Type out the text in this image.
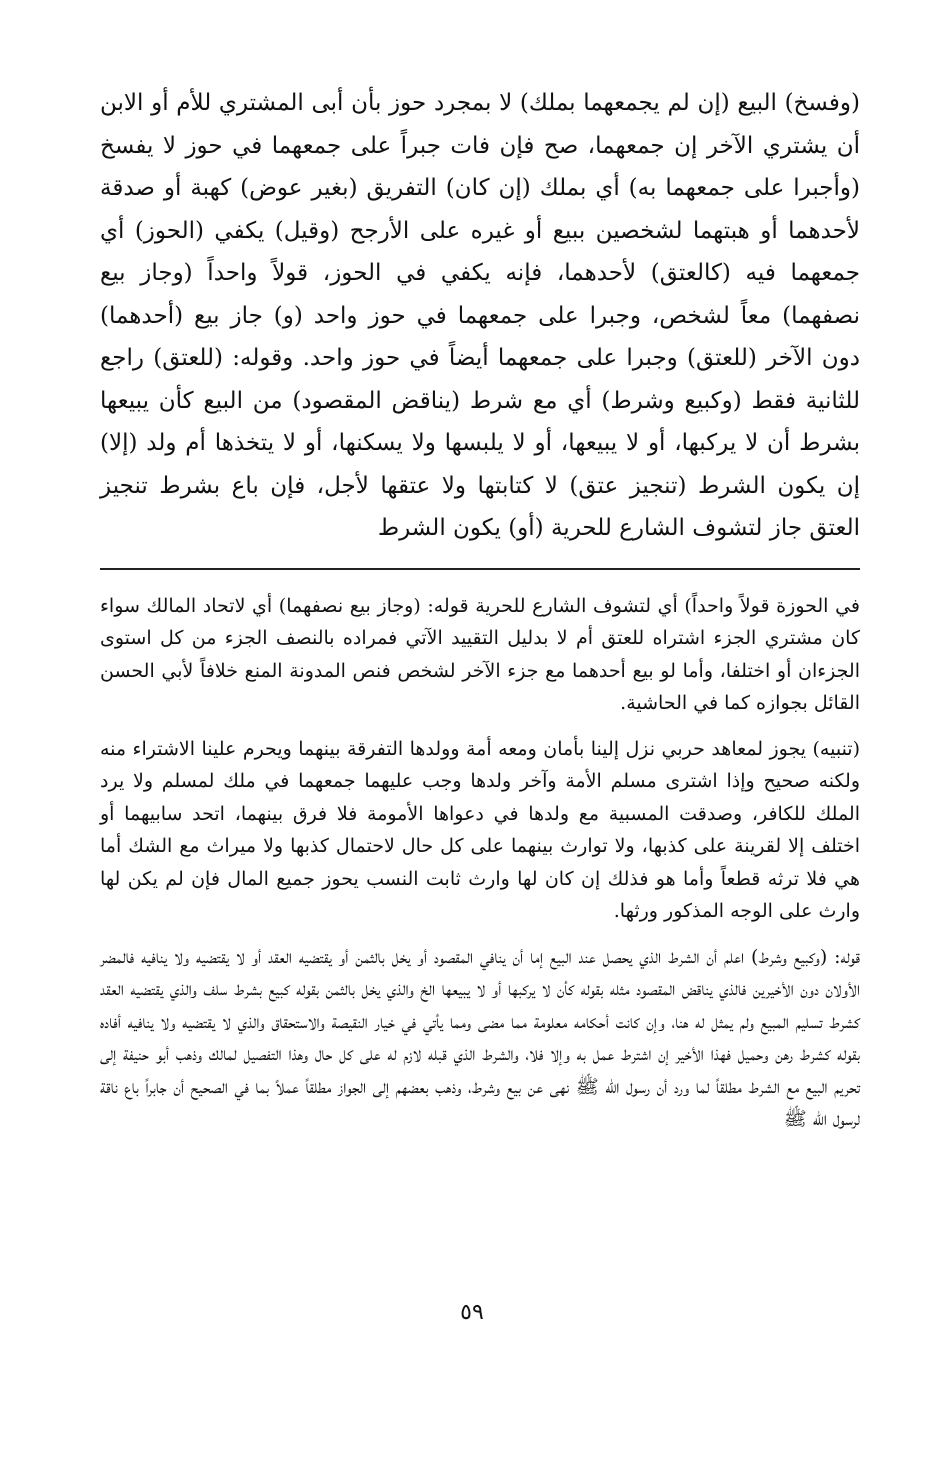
(وفسخ) البيع (إن لم يجمعهما بملك) لا بمجرد حوز بأن أبى المشتري للأم أو الابن أن يشتري الآخر إن جمعهما، صح فإن فات جبراً على جمعهما في حوز لا يفسخ (وأجبرا على جمعهما به) أي بملك (إن كان) التفريق (بغير عوض) كهبة أو صدقة لأحدهما أو هبتهما لشخصين ببيع أو غيره على الأرجح (وقيل) يكفي (الحوز) أي جمعهما فيه (كالعتق) لأحدهما، فإنه يكفي في الحوز، قولاً واحداً (وجاز بيع نصفهما) معاً لشخص، وجبرا على جمعهما في حوز واحد (و) جاز بيع (أحدهما) دون الآخر (للعتق) وجبرا على جمعهما أيضاً في حوز واحد. وقوله: (للعتق) راجع للثانية فقط (وكبيع وشرط) أي مع شرط (يناقض المقصود) من البيع كأن يبيعها بشرط أن لا يركبها، أو لا يبيعها، أو لا يلبسها ولا يسكنها، أو لا يتخذها أم ولد (إلا) إن يكون الشرط (تنجيز عتق) لا كتابتها ولا عتقها لأجل، فإن باع بشرط تنجيز العتق جاز لتشوف الشارع للحرية (أو) يكون الشرط

في الحوزة قولاً واحداً) أي لتشوف الشارع للحرية قوله: (وجاز بيع نصفهما) أي لاتحاد المالك سواء كان مشتري الجزء اشتراه للعتق أم لا بدليل التقييد الآتي فمراده بالنصف الجزء من كل استوى الجزءان أو اختلفا، وأما لو بيع أحدهما مع جزء الآخر لشخص فنص المدونة المنع خلافاً لأبي الحسن القائل بجوازه كما في الحاشية.

(تنبيه) يجوز لمعاهد حربي نزل إلينا بأمان ومعه أمة وولدها التفرقة بينهما ويحرم علينا الاشتراء منه ولكنه صحيح وإذا اشترى مسلم الأمة وآخر ولدها وجب عليهما جمعهما في ملك لمسلم ولا يرد الملك للكافر، وصدقت المسبية مع ولدها في دعواها الأمومة فلا فرق بينهما، اتحد سابيهما أو اختلف إلا لقرينة على كذبها، ولا توارث بينهما على كل حال لاحتمال كذبها ولا ميراث مع الشك أما هي فلا ترثه قطعاً وأما هو فذلك إن كان لها وارث ثابت النسب يحوز جميع المال فإن لم يكن لها وارث على الوجه المذكور ورثها.

قوله: (وكبيع وشرط) اعلم أن الشرط الذي يحصل عند البيع إما أن ينافي المقصود أو يخل بالثمن أو يقتضيه العقد أو لا يقتضيه ولا ينافيه فالمضر الأولان دون الأخيرين فالذي يناقض المقصود مثله بقوله كأن لا يركبها أو لا يبيعها الخ والذي يخل بالثمن بقوله كبيع بشرط سلف والذي يقتضيه العقد كشرط تسليم المبيع ولم يمثل له هنا، وإن كانت أحكامه معلومة مما مضى ومما يأتي في خيار النقيصة والاستحقاق والذي لا يقتضيه ولا ينافيه أفاده بقوله كشرط رهن وحميل فهذا الأخير إن اشترط عمل به وإلا فلا، والشرط الذي قبله لازم له على كل حال وهذا التفصيل لمالك وذهب أبو حنيفة إلى تحريم البيع مع الشرط مطلقاً لما ورد أن رسول الله ﷺ نهى عن بيع وشرط، وذهب بعضهم إلى الجواز مطلقاً عملاً بما في الصحيح أن جابراً باع ناقة لرسول الله ﷺ

٥٩
